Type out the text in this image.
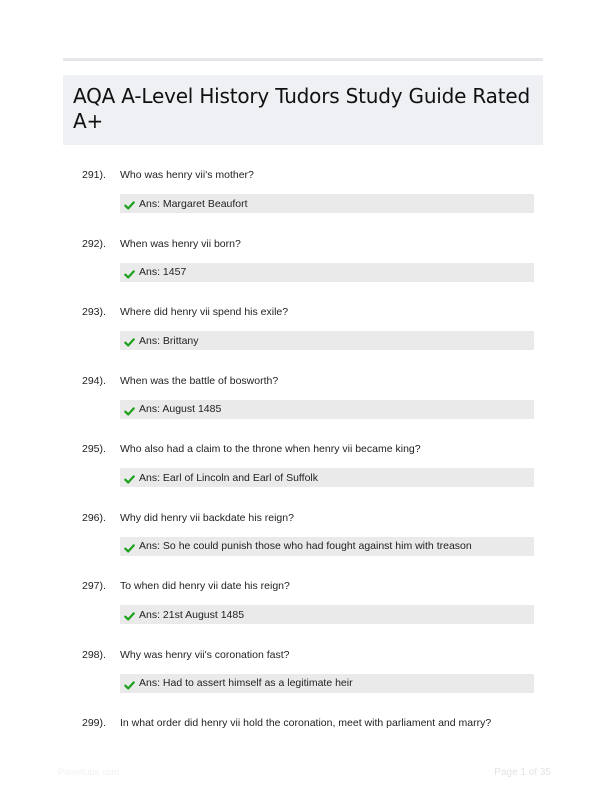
AQA A-Level History Tudors Study Guide Rated A+
291). Who was henry vii's mother?
Ans: Margaret Beaufort
292). When was henry vii born?
Ans: 1457
293). Where did henry vii spend his exile?
Ans: Brittany
294). When was the battle of bosworth?
Ans: August 1485
295). Who also had a claim to the throne when henry vii became king?
Ans: Earl of Lincoln and Earl of Suffolk
296). Why did henry vii backdate his reign?
Ans: So he could punish those who had fought against him with treason
297). To when did henry vii date his reign?
Ans: 21st August 1485
298). Why was henry vii's coronation fast?
Ans: Had to assert himself as a legitimate heir
299). In what order did henry vii hold the coronation, meet with parliament and marry?
Papertube.com	Page 1 of 35
